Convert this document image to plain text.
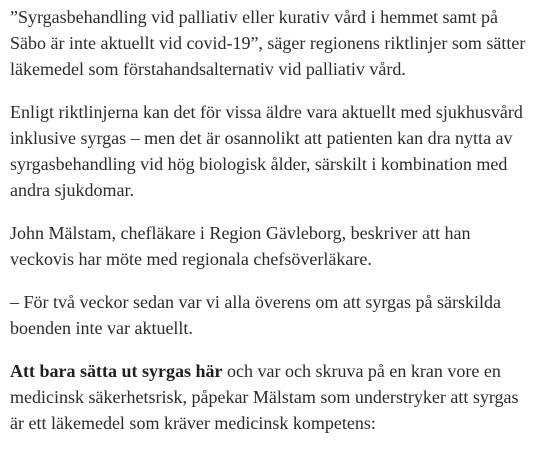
”Syrgasbehandling vid palliativ eller kurativ vård i hemmet samt på Säbo är inte aktuellt vid covid-19”, säger regionens riktlinjer som sätter läkemedel som förstahandsalternativ vid palliativ vård.

Enligt riktlinjerna kan det för vissa äldre vara aktuellt med sjukhusvård inklusive syrgas – men det är osannolikt att patienten kan dra nytta av syrgasbehandling vid hög biologisk ålder, särskilt i kombination med andra sjukdomar.

John Mälstam, chefläkare i Region Gävleborg, beskriver att han veckovis har möte med regionala chefsöverläkare.

– För två veckor sedan var vi alla överens om att syrgas på särskilda boenden inte var aktuellt.

Att bara sätta ut syrgas här och var och skruva på en kran vore en medicinsk säkerhetsrisk, påpekar Mälstam som understryker att syrgas är ett läkemedel som kräver medicinsk kompetens:
